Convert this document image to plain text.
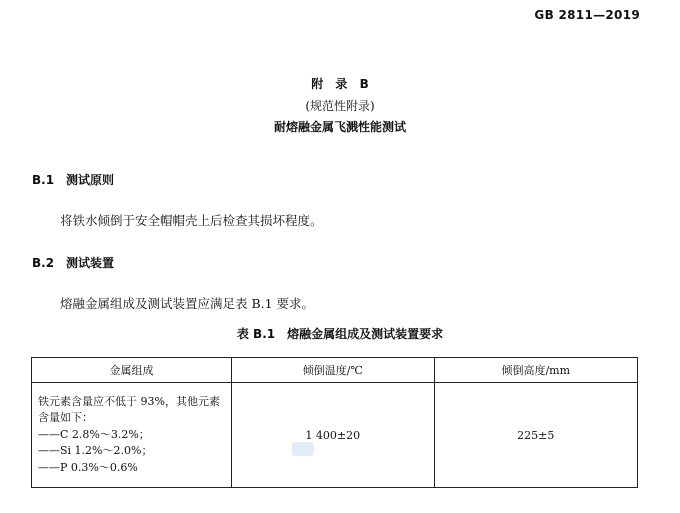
GB 2811—2019
附 录 B
(规范性附录)
耐熔融金属飞溅性能测试
B.1 测试原则
将铁水倾倒于安全帽帽壳上后检查其损坏程度。
B.2 测试装置
熔融金属组成及测试装置应满足表 B.1 要求。
表 B.1　熔融金属组成及测试装置要求
金属组成	倾倒温度/℃	倾倒高度/mm

铁元素含量应不低于 93%，其他元素
含量如下：
——C 2.8%～3.2%；
——Si 1.2%～2.0%；
——P 0.3%～0.6%	1 400±20	225±5
